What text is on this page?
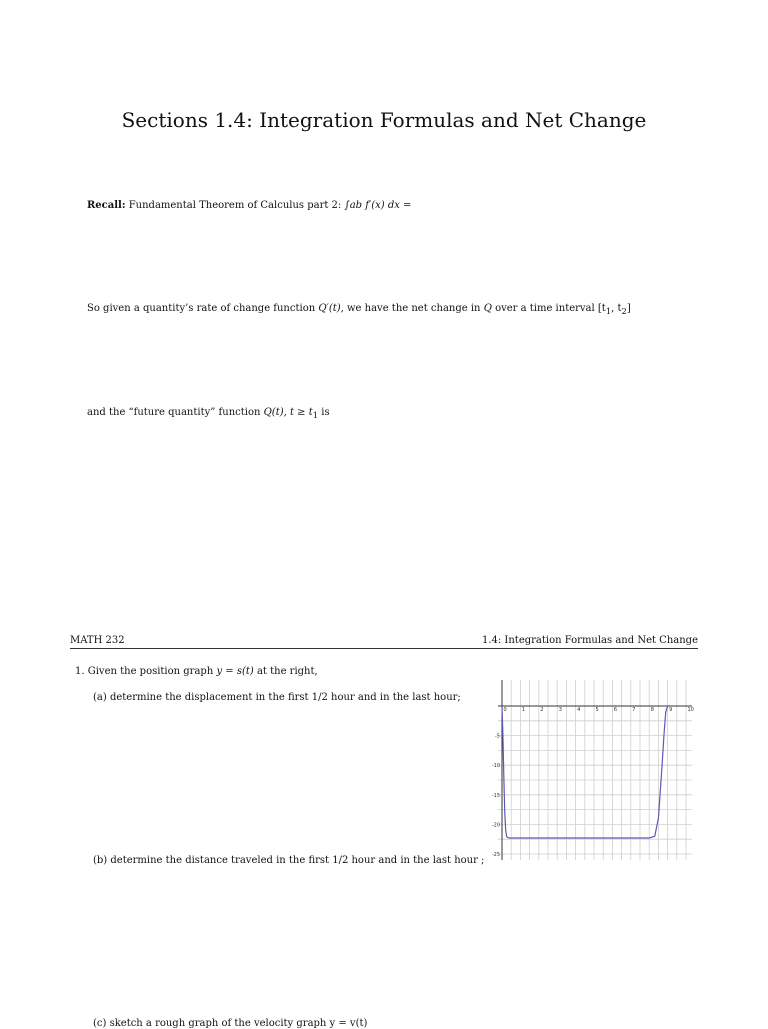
Sections 1.4: Integration Formulas and Net Change
Recall: Fundamental Theorem of Calculus part 2: ∫ab f′(x) dx =
So given a quantity’s rate of change function Q′(t), we have the net change in Q over a time interval [$t_1$, $t_2$]
and the “future quantity” function Q(t), $t \ge t_1$ is
MATH 232	1.4: Integration Formulas and Net Change
1. Given the position graph y = s(t) at the right,
(a) determine the displacement in the first 1/2 hour and in the last hour;
(b) determine the distance traveled in the first 1/2 hour and in the last hour ;
(c) sketch a rough graph of the velocity graph y = v(t)
0	1	2	3	4	5	6	7	8	9	10
-5
-10
-15
-20
-25
